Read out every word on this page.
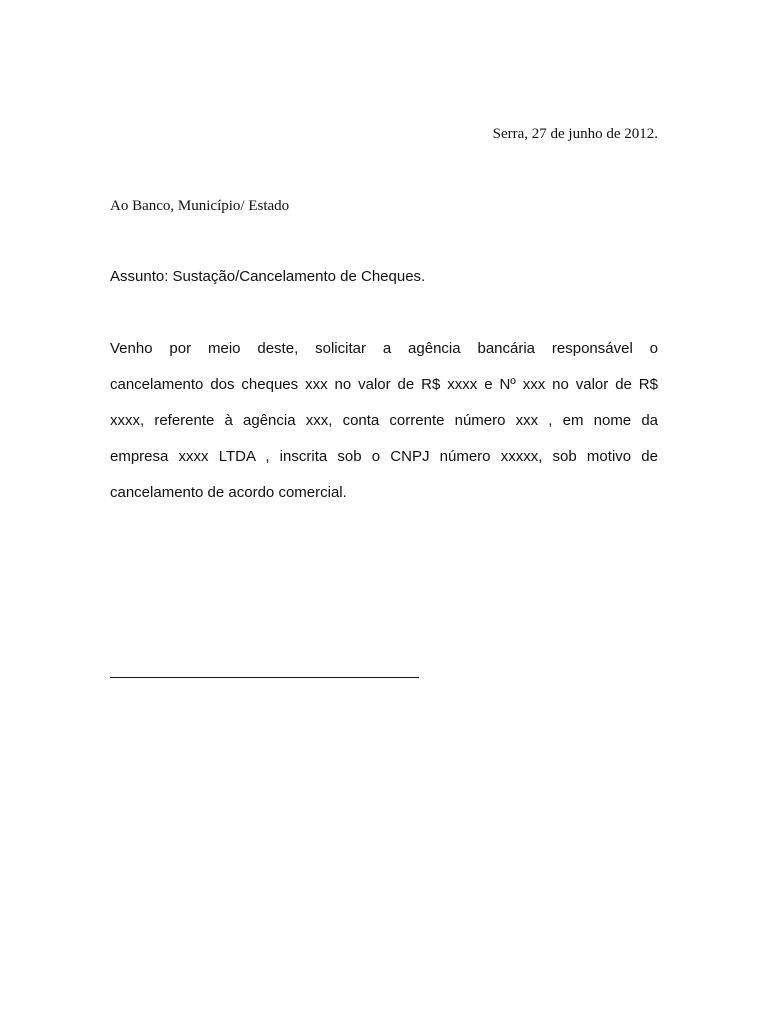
Serra, 27 de junho de 2012.
Ao Banco, Município/ Estado
Assunto: Sustação/Cancelamento de Cheques.
Venho por meio deste, solicitar a agência bancária responsável o
cancelamento dos cheques xxx no valor de R$ xxxx e Nº xxx no valor de R$
xxxx, referente à agência xxx, conta corrente número xxx , em nome da
empresa xxxx LTDA , inscrita sob o CNPJ número xxxxx, sob motivo de
cancelamento de acordo comercial.
